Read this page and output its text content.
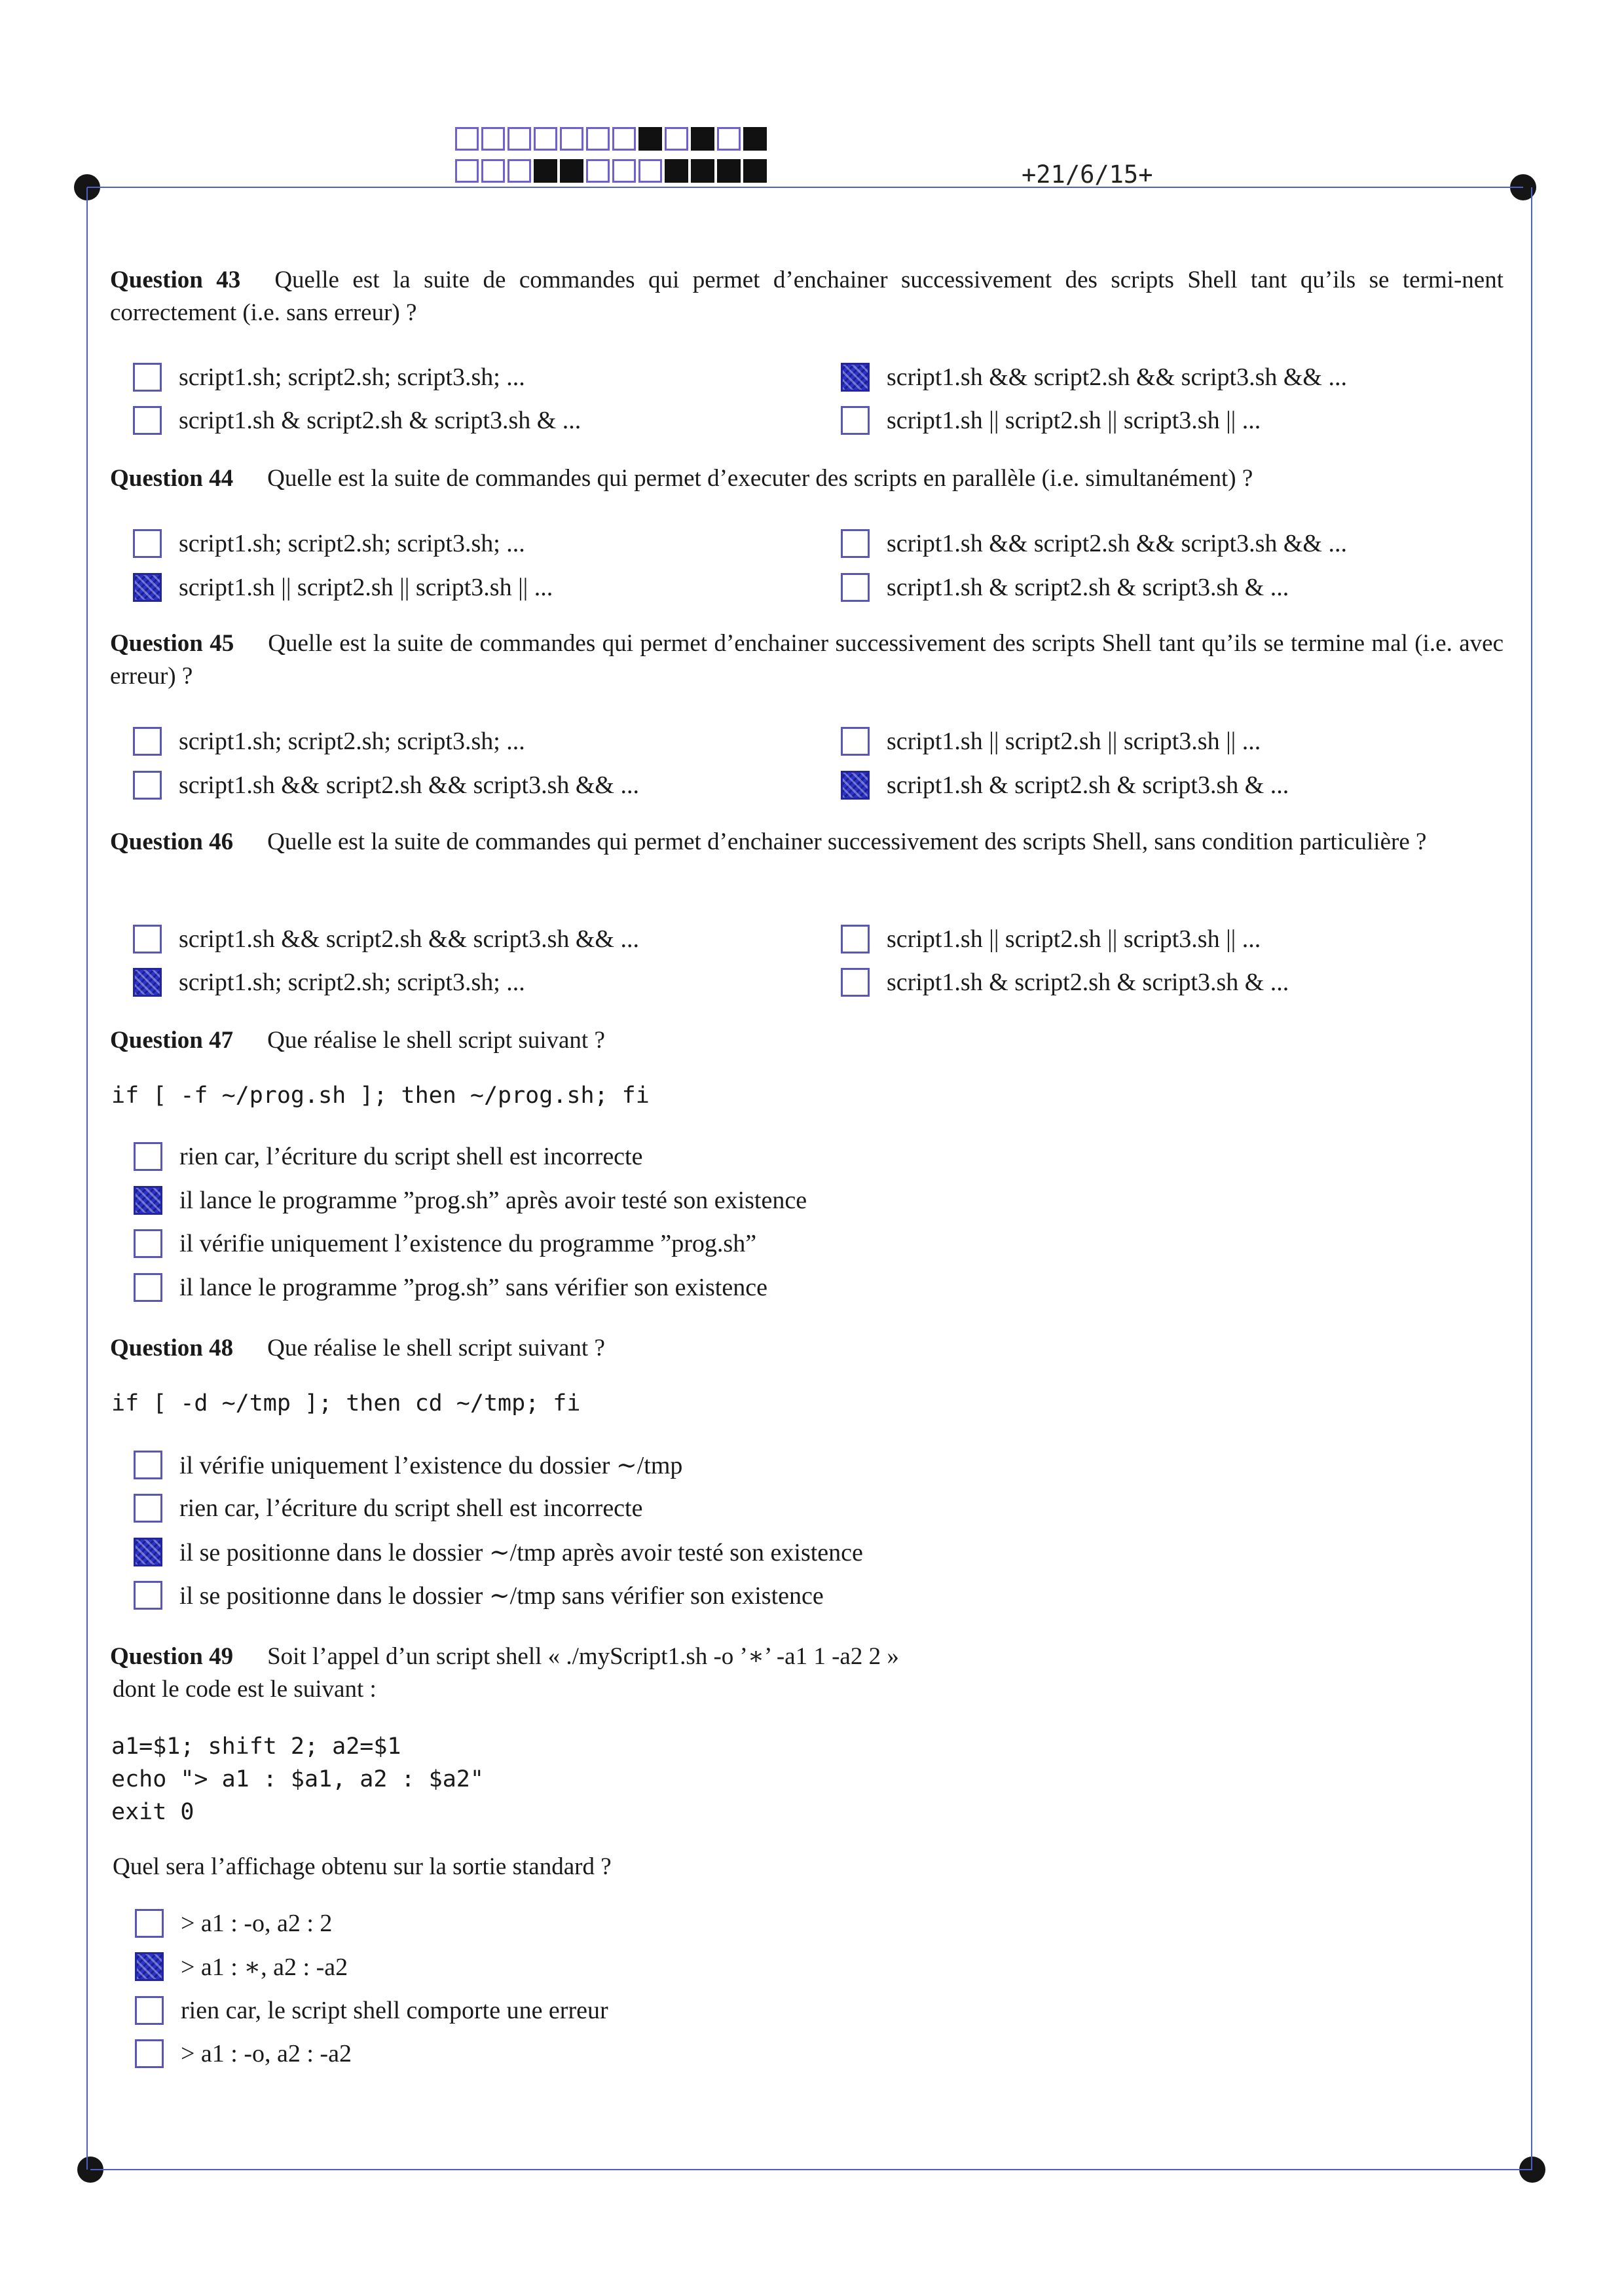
+21/6/15+
Question 43 Quelle est la suite de commandes qui permet d’enchainer successivement des scripts Shell tant qu’ils se termi-nent correctement (i.e. sans erreur) ?
script1.sh; script2.sh; script3.sh; ...	script1.sh && script2.sh && script3.sh && ...
script1.sh & script2.sh & script3.sh & ...	script1.sh || script2.sh || script3.sh || ...
Question 44 Quelle est la suite de commandes qui permet d’executer des scripts en parallèle (i.e. simultanément) ?
script1.sh; script2.sh; script3.sh; ...	script1.sh && script2.sh && script3.sh && ...
script1.sh || script2.sh || script3.sh || ...	script1.sh & script2.sh & script3.sh & ...
Question 45 Quelle est la suite de commandes qui permet d’enchainer successivement des scripts Shell tant qu’ils se termine mal (i.e. avec erreur) ?
script1.sh; script2.sh; script3.sh; ...	script1.sh || script2.sh || script3.sh || ...
script1.sh && script2.sh && script3.sh && ...	script1.sh & script2.sh & script3.sh & ...
Question 46 Quelle est la suite de commandes qui permet d’enchainer successivement des scripts Shell, sans condition particulière ?
script1.sh && script2.sh && script3.sh && ...	script1.sh || script2.sh || script3.sh || ...
script1.sh; script2.sh; script3.sh; ...	script1.sh & script2.sh & script3.sh & ...
Question 47 Que réalise le shell script suivant ?
if [ -f ~/prog.sh ]; then ~/prog.sh; fi
rien car, l’écriture du script shell est incorrecte
il lance le programme ”prog.sh” après avoir testé son existence
il vérifie uniquement l’existence du programme ”prog.sh”
il lance le programme ”prog.sh” sans vérifier son existence
Question 48 Que réalise le shell script suivant ?
if [ -d ~/tmp ]; then cd ~/tmp; fi
il vérifie uniquement l’existence du dossier ∼/tmp
rien car, l’écriture du script shell est incorrecte
il se positionne dans le dossier ∼/tmp après avoir testé son existence
il se positionne dans le dossier ∼/tmp sans vérifier son existence
Question 49 Soit l’appel d’un script shell « ./myScript1.sh -o ’∗’ -a1 1 -a2 2 »
dont le code est le suivant :
a1=$1; shift 2; a2=$1
echo "> a1 : $a1, a2 : $a2"
exit 0
Quel sera l’affichage obtenu sur la sortie standard ?
> a1 : -o, a2 : 2
> a1 : ∗, a2 : -a2
rien car, le script shell comporte une erreur
> a1 : -o, a2 : -a2
